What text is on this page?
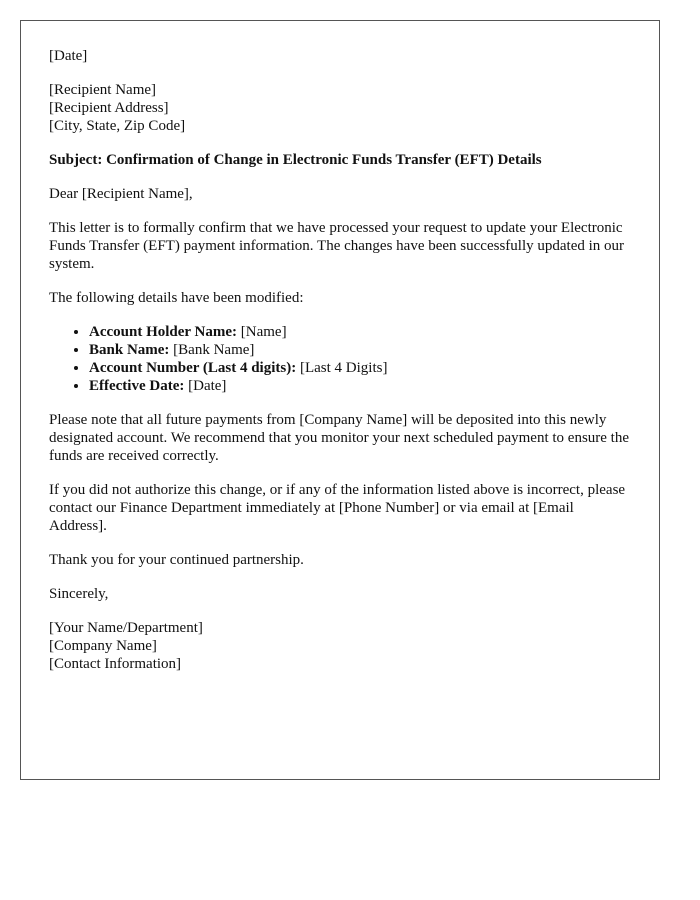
[Date]

[Recipient Name]
[Recipient Address]
[City, State, Zip Code]

Subject: Confirmation of Change in Electronic Funds Transfer (EFT) Details

Dear [Recipient Name],

This letter is to formally confirm that we have processed your request to update your Electronic Funds Transfer (EFT) payment information. The changes have been successfully updated in our system.

The following details have been modified:

• Account Holder Name: [Name]
• Bank Name: [Bank Name]
• Account Number (Last 4 digits): [Last 4 Digits]
• Effective Date: [Date]

Please note that all future payments from [Company Name] will be deposited into this newly designated account. We recommend that you monitor your next scheduled payment to ensure the funds are received correctly.

If you did not authorize this change, or if any of the information listed above is incorrect, please contact our Finance Department immediately at [Phone Number] or via email at [Email Address].

Thank you for your continued partnership.

Sincerely,

[Your Name/Department]
[Company Name]
[Contact Information]
